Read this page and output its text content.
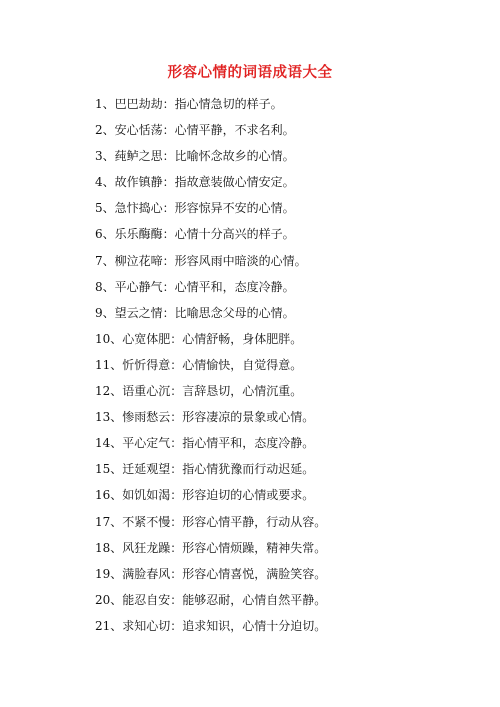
形容心情的词语成语大全
1、巴巴劫劫：指心情急切的样子。
2、安心恬荡：心情平静，不求名利。
3、莼鲈之思：比喻怀念故乡的心情。
4、故作镇静：指故意装做心情安定。
5、急忭捣心：形容惊异不安的心情。
6、乐乐酶酶：心情十分高兴的样子。
7、柳泣花啼：形容风雨中暗淡的心情。
8、平心静气：心情平和，态度冷静。
9、望云之情：比喻思念父母的心情。
10、心宽体肥：心情舒畅，身体肥胖。
11、忻忻得意：心情愉快，自觉得意。
12、语重心沉：言辞恳切，心情沉重。
13、惨雨愁云：形容凄凉的景象或心情。
14、平心定气：指心情平和，态度冷静。
15、迁延观望：指心情犹豫而行动迟延。
16、如饥如渴：形容迫切的心情或要求。
17、不紧不慢：形容心情平静，行动从容。
18、风狂龙躁：形容心情烦躁，精神失常。
19、满脸春风：形容心情喜悦，满脸笑容。
20、能忍自安：能够忍耐，心情自然平静。
21、求知心切：追求知识，心情十分迫切。
